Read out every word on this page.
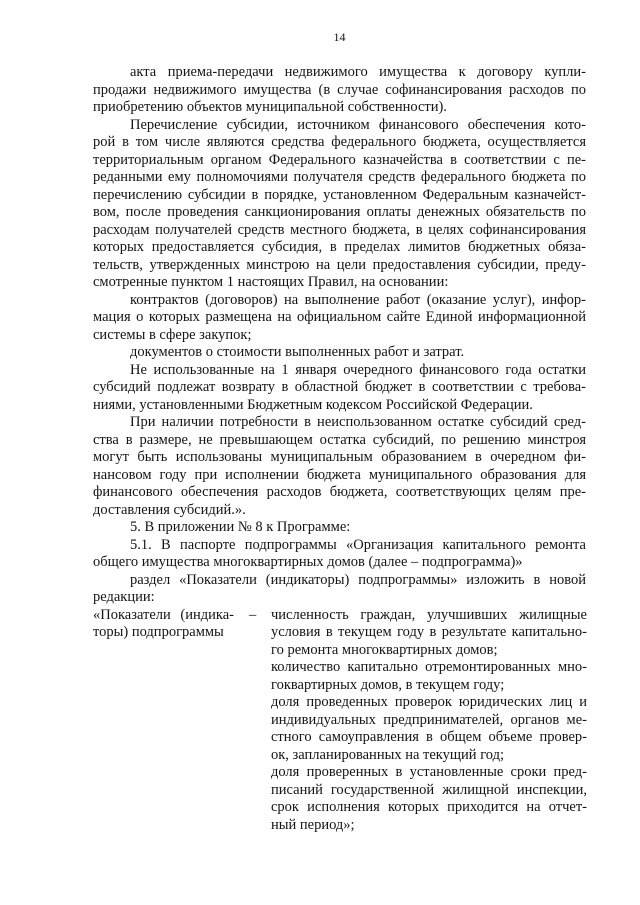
14
акта приема-передачи недвижимого имущества к договору купли-
продажи недвижимого имущества (в случае софинансирования расходов по
приобретению объектов муниципальной собственности).
Перечисление субсидии, источником финансового обеспечения кото-
рой в том числе являются средства федерального бюджета, осуществляется
территориальным органом Федерального казначейства в соответствии с пе-
реданными ему полномочиями получателя средств федерального бюджета по
перечислению субсидии в порядке, установленном Федеральным казначейст-
вом, после проведения санкционирования оплаты денежных обязательств по
расходам получателей средств местного бюджета, в целях софинансирования
которых предоставляется субсидия, в пределах лимитов бюджетных обяза-
тельств, утвержденных минстрою на цели предоставления субсидии, преду-
смотренные пунктом 1 настоящих Правил, на основании:
контрактов (договоров) на выполнение работ (оказание услуг), инфор-
мация о которых размещена на официальном сайте Единой информационной
системы в сфере закупок;
документов о стоимости выполненных работ и затрат.
Не использованные на 1 января очередного финансового года остатки
субсидий подлежат возврату в областной бюджет в соответствии с требова-
ниями, установленными Бюджетным кодексом Российской Федерации.
При наличии потребности в неиспользованном остатке субсидий сред-
ства в размере, не превышающем остатка субсидий, по решению минстроя
могут быть использованы муниципальным образованием в очередном фи-
нансовом году при исполнении бюджета муниципального образования для
финансового обеспечения расходов бюджета, соответствующих целям пре-
доставления субсидий.».
5. В приложении № 8 к Программе:
5.1. В паспорте подпрограммы «Организация капитального ремонта
общего имущества многоквартирных домов (далее – подпрограмма)»
раздел «Показатели (индикаторы) подпрограммы» изложить в новой
редакции:
«Показатели (индика-
торы) подпрограммы
–	численность граждан, улучшивших жилищные
условия в текущем году в результате капитально-
го ремонта многоквартирных домов;
количество капитально отремонтированных мно-
гоквартирных домов, в текущем году;
доля проведенных проверок юридических лиц и
индивидуальных предпринимателей, органов ме-
стного самоуправления в общем объеме провер-
ок, запланированных на текущий год;
доля проверенных в установленные сроки пред-
писаний государственной жилищной инспекции,
срок исполнения которых приходится на отчет-
ный период»;
